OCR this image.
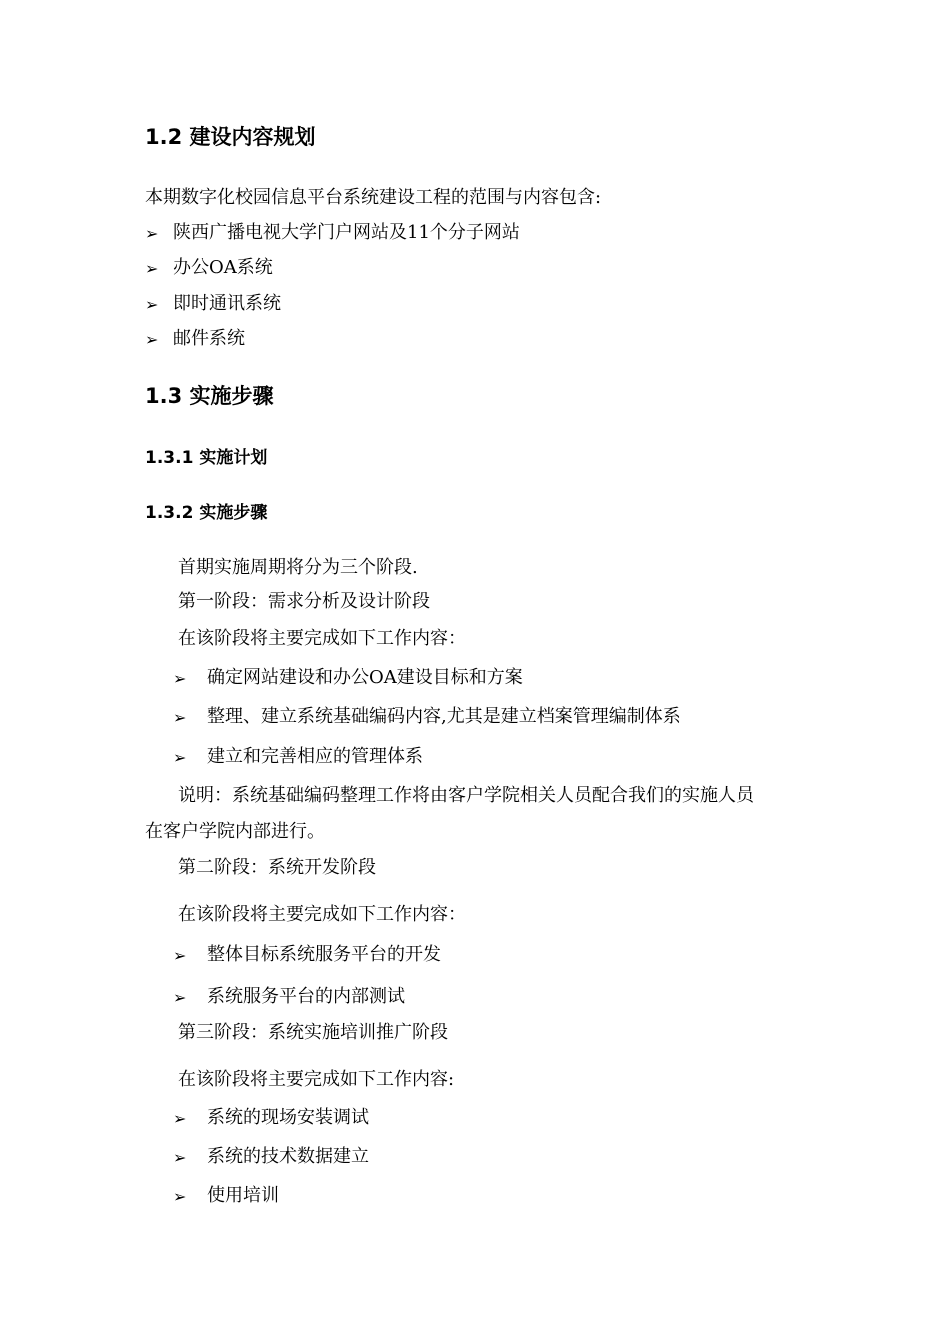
1.2 建设内容规划
本期数字化校园信息平台系统建设工程的范围与内容包含:
➢ 陕西广播电视大学门户网站及11个分子网站
➢ 办公OA系统
➢ 即时通讯系统
➢ 邮件系统
1.3 实施步骤
1.3.1 实施计划
1.3.2 实施步骤
首期实施周期将分为三个阶段.
第一阶段：需求分析及设计阶段
在该阶段将主要完成如下工作内容：
➢ 确定网站建设和办公OA建设目标和方案
➢ 整理、建立系统基础编码内容,尤其是建立档案管理编制体系
➢ 建立和完善相应的管理体系
说明：系统基础编码整理工作将由客户学院相关人员配合我们的实施人员
在客户学院内部进行。
第二阶段：系统开发阶段
在该阶段将主要完成如下工作内容：
➢ 整体目标系统服务平台的开发
➢ 系统服务平台的内部测试
第三阶段：系统实施培训推广阶段
在该阶段将主要完成如下工作内容:
➢ 系统的现场安装调试
➢ 系统的技术数据建立
➢ 使用培训
